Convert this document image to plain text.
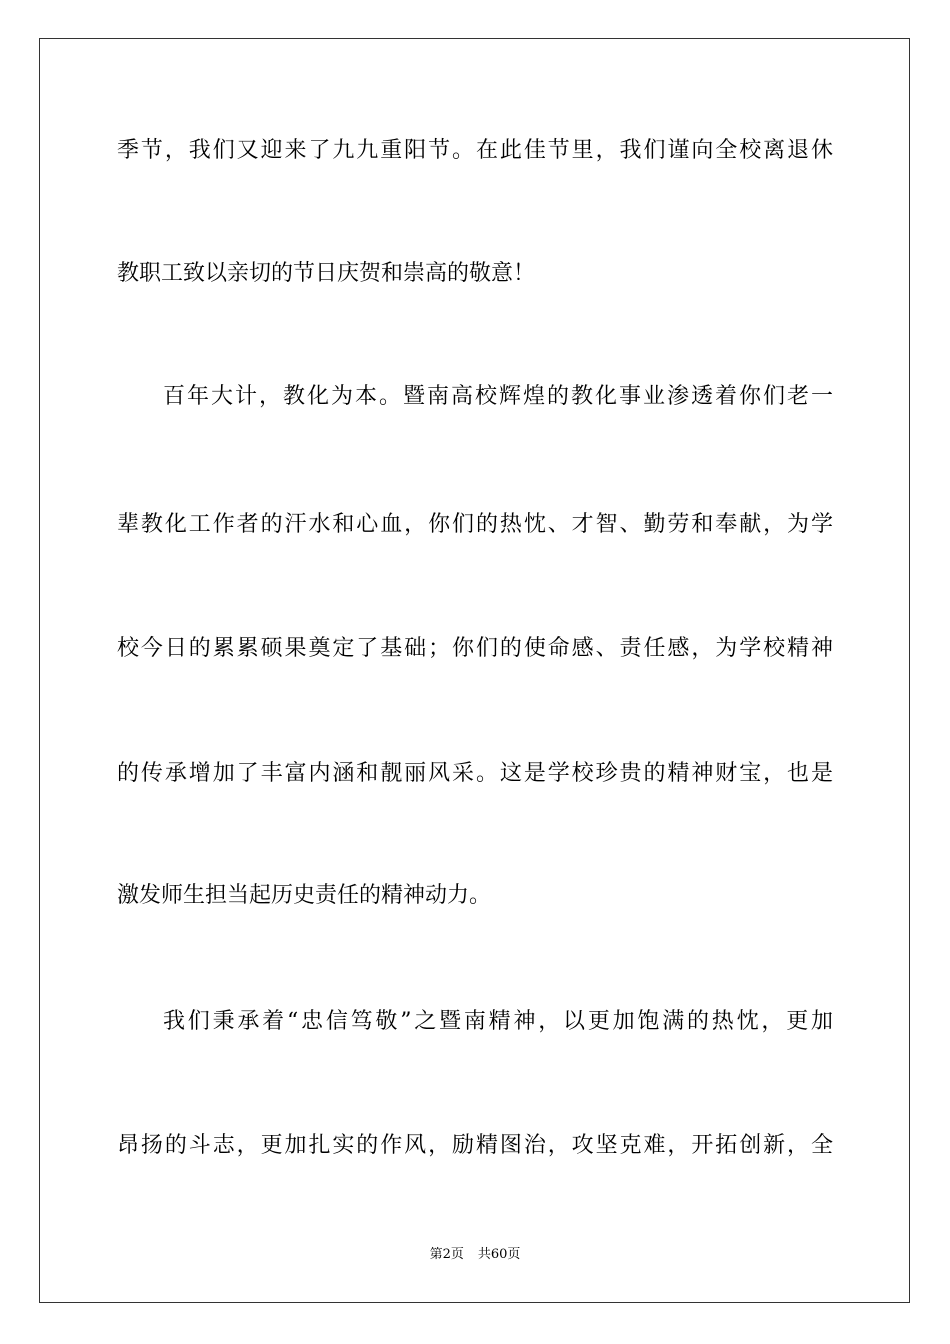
季节，我们又迎来了九九重阳节。在此佳节里，我们谨向全校离退休
教职工致以亲切的节日庆贺和崇高的敬意！
百年大计，教化为本。暨南高校辉煌的教化事业渗透着你们老一
辈教化工作者的汗水和心血，你们的热忱、才智、勤劳和奉献，为学
校今日的累累硕果奠定了基础；你们的使命感、责任感，为学校精神
的传承增加了丰富内涵和靓丽风采。这是学校珍贵的精神财宝，也是
激发师生担当起历史责任的精神动力。
我们秉承着“忠信笃敬”之暨南精神，以更加饱满的热忱，更加
昂扬的斗志，更加扎实的作风，励精图治，攻坚克难，开拓创新，全
第2页 共60页
